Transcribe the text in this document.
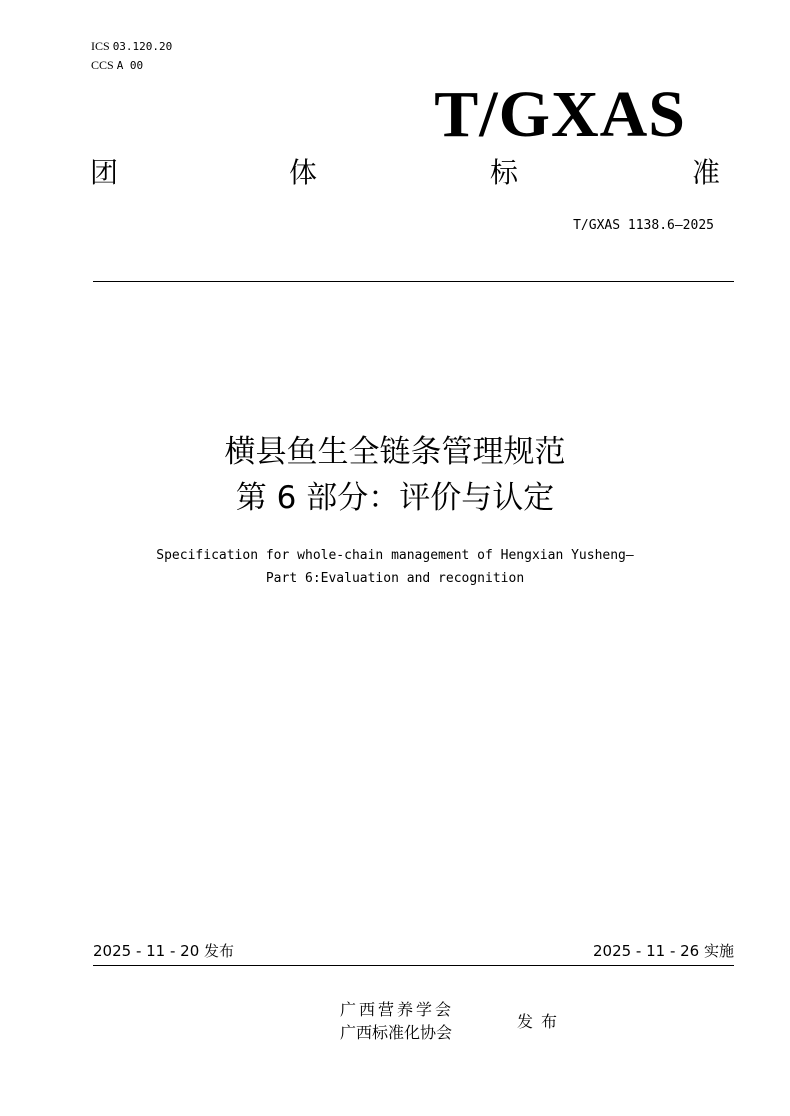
ICS 03.120.20
CCS A 00
T/GXAS
团	体	标	准
T/GXAS 1138.6—2025
横县鱼生全链条管理规范
第 6 部分：评价与认定
Specification for whole-chain management of Hengxian Yusheng—
Part 6:Evaluation and recognition
2025 - 11 - 20 发布	2025 - 11 - 26 实施
广西营养学会
广西标准化协会
发布
